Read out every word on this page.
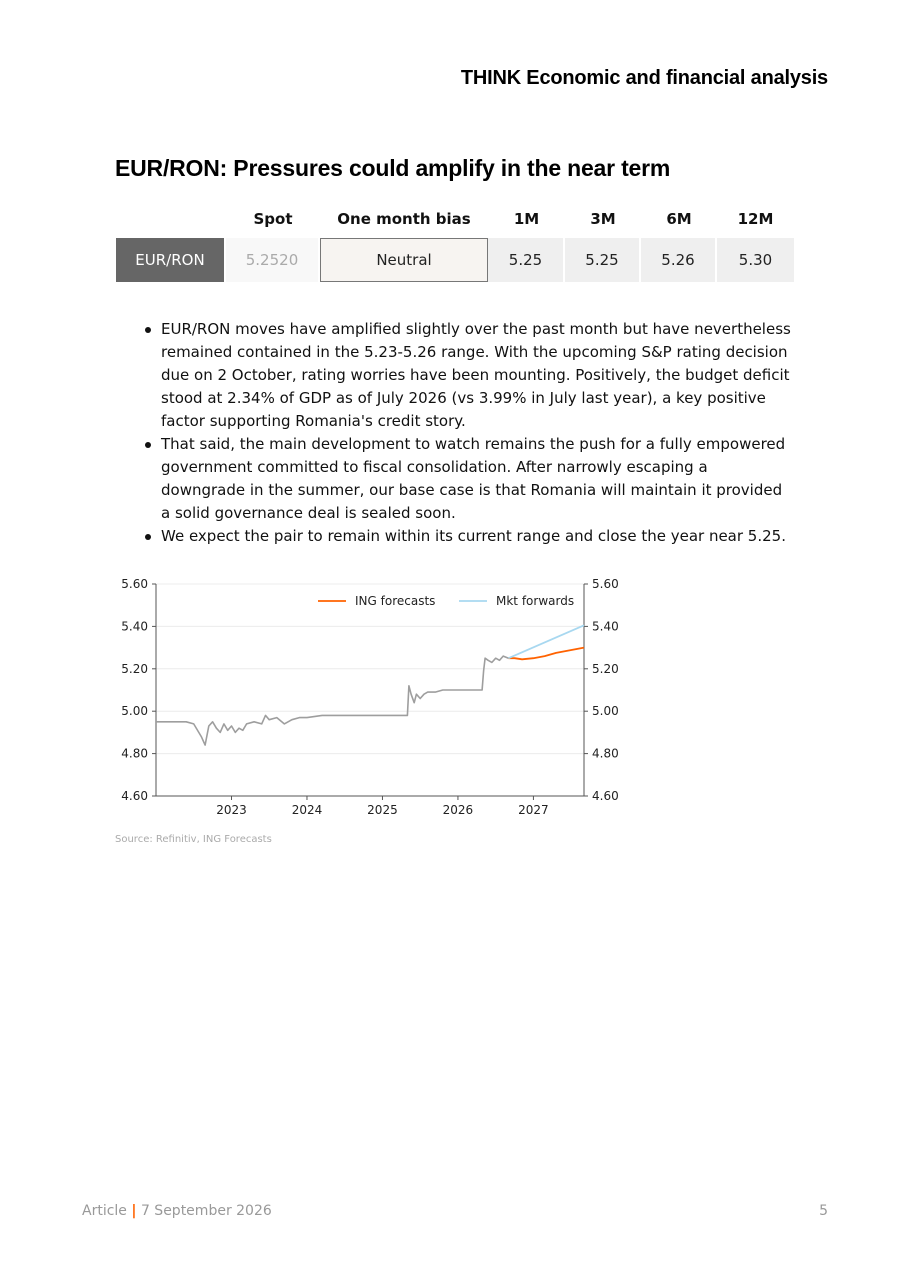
THINK Economic and financial analysis
EUR/RON: Pressures could amplify in the near term
	Spot	One month bias	1M	3M	6M	12M
EUR/RON	5.2520	Neutral	5.25	5.25	5.26	5.30
EUR/RON moves have amplified slightly over the past month but have nevertheless remained contained in the 5.23-5.26 range. With the upcoming S&P rating decision due on 2 October, rating worries have been mounting. Positively, the budget deficit stood at 2.34% of GDP as of July 2026 (vs 3.99% in July last year), a key positive factor supporting Romania's credit story.
That said, the main development to watch remains the push for a fully empowered government committed to fiscal consolidation. After narrowly escaping a downgrade in the summer, our base case is that Romania will maintain it provided a solid governance deal is sealed soon.
We expect the pair to remain within its current range and close the year near 5.25.
4.60	4.60
4.80	4.80
5.00	5.00
5.20	5.20
5.40	5.40
5.60	5.60
2023	2024	2025	2026	2027
ING forecasts	Mkt forwards
Source: Refinitiv, ING Forecasts
Article | 7 September 2026	5
